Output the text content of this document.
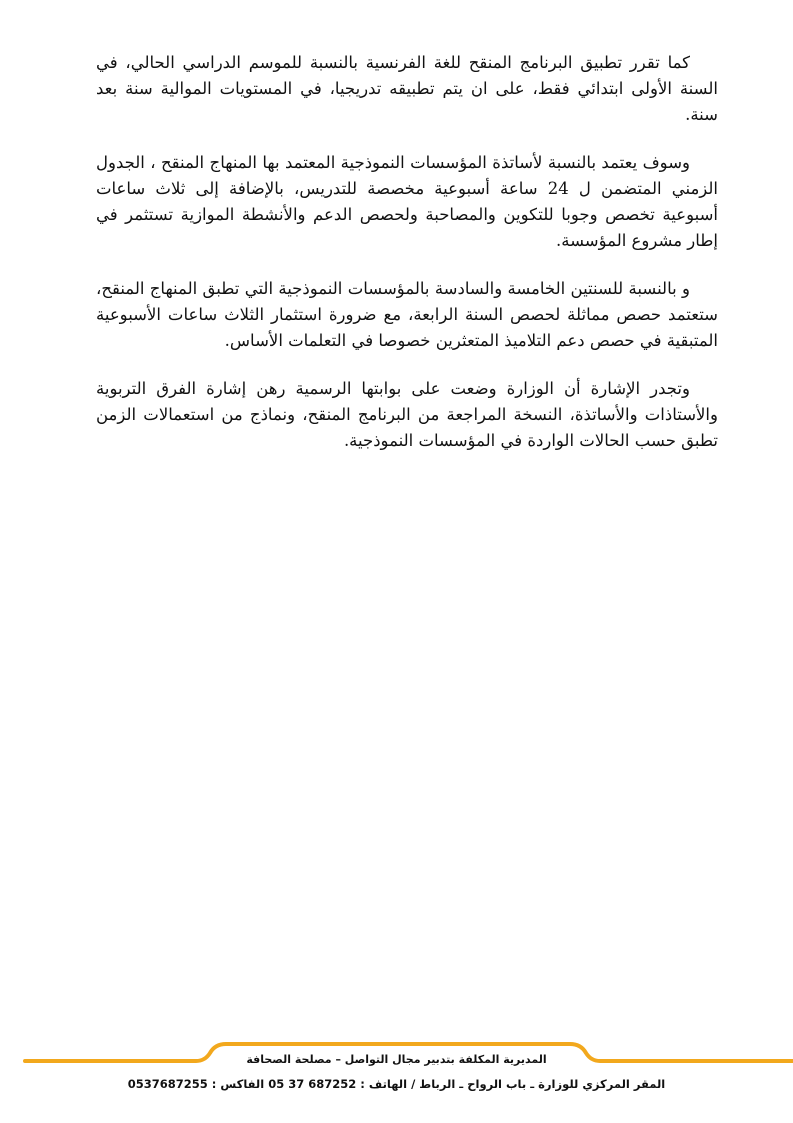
كما تقرر تطبيق البرنامج المنقح للغة الفرنسية بالنسبة للموسم الدراسي الحالي، في السنة الأولى ابتدائي فقط، على ان يتم تطبيقه تدريجيا، في المستويات الموالية سنة بعد سنة.

وسوف يعتمد بالنسبة لأساتذة المؤسسات النموذجية المعتمد بها المنهاج المنقح ، الجدول الزمني المتضمن ل 24 ساعة أسبوعية مخصصة للتدريس، بالإضافة إلى ثلاث ساعات أسبوعية تخصص وجوبا للتكوين والمصاحبة ولحصص الدعم والأنشطة الموازية تستثمر في إطار مشروع المؤسسة.

و بالنسبة للسنتين الخامسة والسادسة بالمؤسسات النموذجية التي تطبق المنهاج المنقح، ستعتمد حصص مماثلة لحصص السنة الرابعة، مع ضرورة استثمار الثلاث ساعات الأسبوعية المتبقية في حصص دعم التلاميذ المتعثرين خصوصا في التعلمات الأساس.

وتجدر الإشارة أن الوزارة وضعت على بوابتها الرسمية رهن إشارة الفرق التربوية والأستاذات والأساتذة، النسخة المراجعة من البرنامج المنقح، ونماذج من استعمالات الزمن تطبق حسب الحالات الواردة في المؤسسات النموذجية.

المديرية المكلفة بتدبير مجال التواصل – مصلحة الصحافة
المقر المركزي للوزارة ـ باب الرواح ـ الرباط / الهاتف : 687252 37 05 الفاكس : 0537687255
